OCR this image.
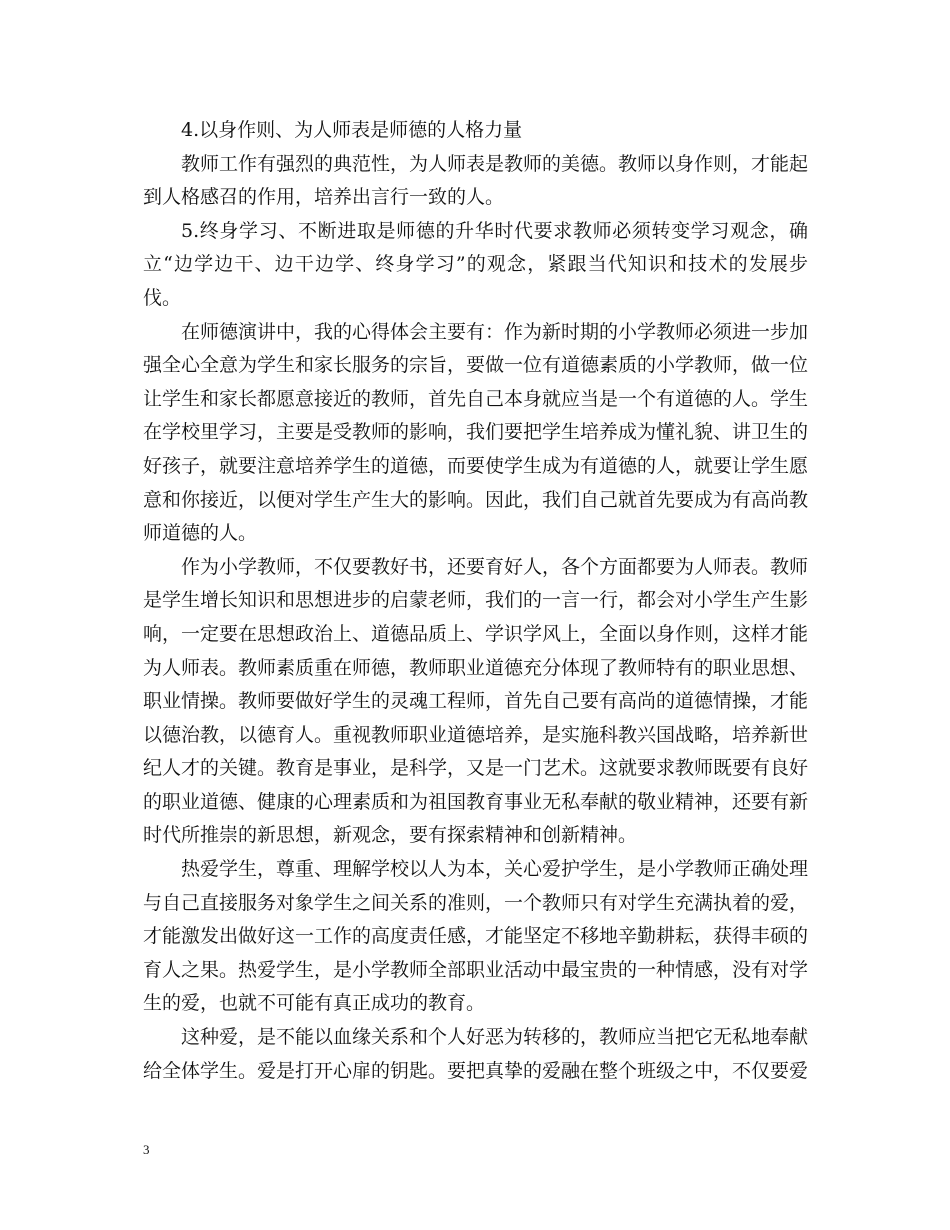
4.以身作则、为人师表是师德的人格力量

教师工作有强烈的典范性，为人师表是教师的美德。教师以身作则，才能起到人格感召的作用，培养出言行一致的人。

5.终身学习、不断进取是师德的升华时代要求教师必须转变学习观念，确立“边学边干、边干边学、终身学习”的观念，紧跟当代知识和技术的发展步伐。

在师德演讲中，我的心得体会主要有：作为新时期的小学教师必须进一步加强全心全意为学生和家长服务的宗旨，要做一位有道德素质的小学教师，做一位让学生和家长都愿意接近的教师，首先自己本身就应当是一个有道德的人。学生在学校里学习，主要是受教师的影响，我们要把学生培养成为懂礼貌、讲卫生的好孩子，就要注意培养学生的道德，而要使学生成为有道德的人，就要让学生愿意和你接近，以便对学生产生大的影响。因此，我们自己就首先要成为有高尚教师道德的人。

作为小学教师，不仅要教好书，还要育好人，各个方面都要为人师表。教师是学生增长知识和思想进步的启蒙老师，我们的一言一行，都会对小学生产生影响，一定要在思想政治上、道德品质上、学识学风上，全面以身作则，这样才能为人师表。教师素质重在师德，教师职业道德充分体现了教师特有的职业思想、职业情操。教师要做好学生的灵魂工程师，首先自己要有高尚的道德情操，才能以德治教，以德育人。重视教师职业道德培养，是实施科教兴国战略，培养新世纪人才的关键。教育是事业，是科学，又是一门艺术。这就要求教师既要有良好的职业道德、健康的心理素质和为祖国教育事业无私奉献的敬业精神，还要有新时代所推崇的新思想，新观念，要有探索精神和创新精神。

热爱学生，尊重、理解学校以人为本，关心爱护学生，是小学教师正确处理与自己直接服务对象学生之间关系的准则，一个教师只有对学生充满执着的爱，才能激发出做好这一工作的高度责任感，才能坚定不移地辛勤耕耘，获得丰硕的育人之果。热爱学生，是小学教师全部职业活动中最宝贵的一种情感，没有对学生的爱，也就不可能有真正成功的教育。

这种爱，是不能以血缘关系和个人好恶为转移的，教师应当把它无私地奉献给全体学生。爱是打开心扉的钥匙。要把真挚的爱融在整个班级之中，不仅要爱

3
